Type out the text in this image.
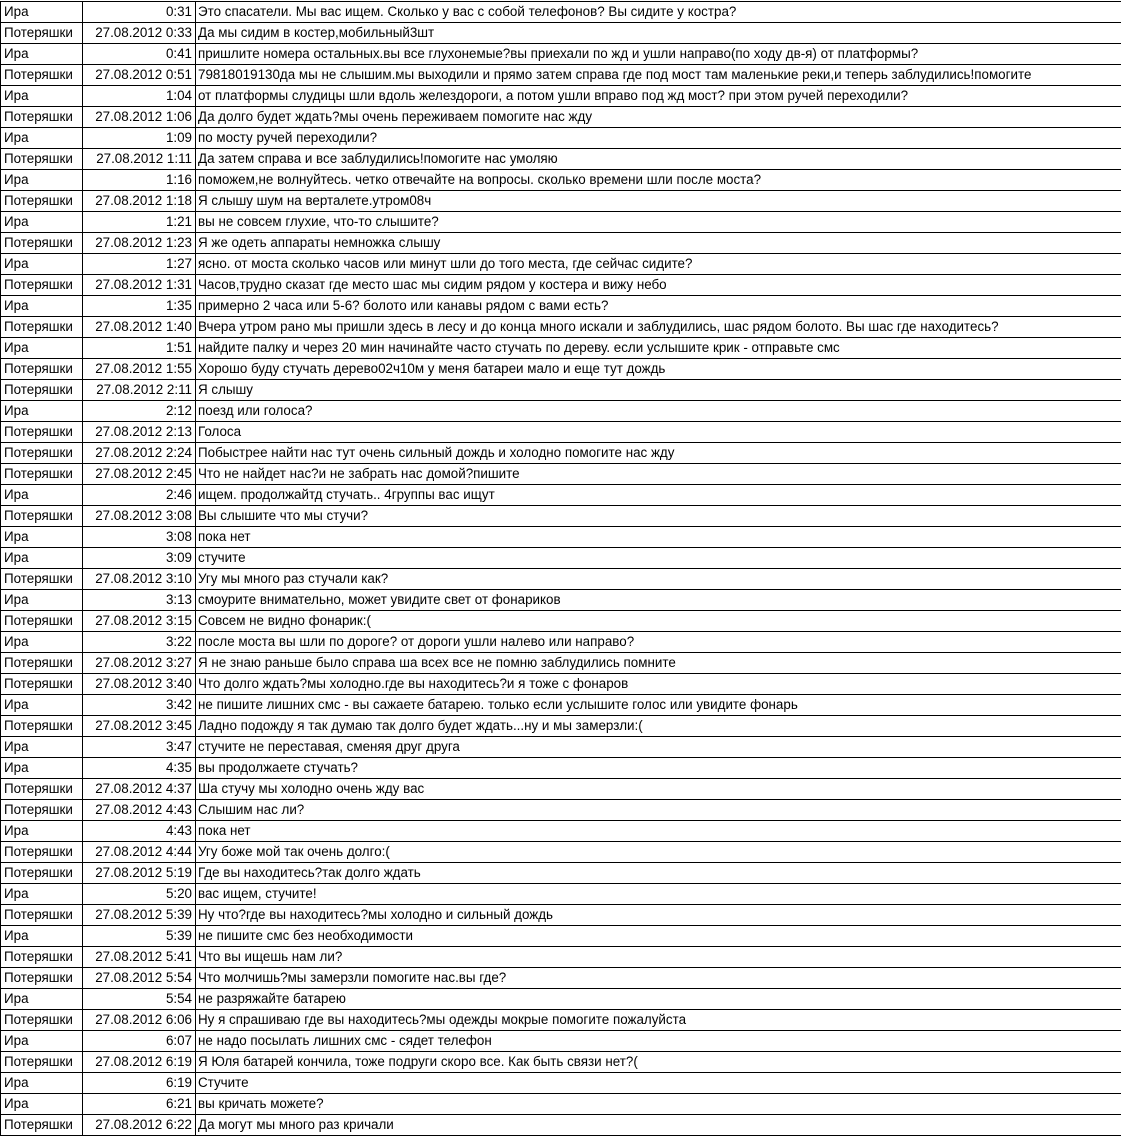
Ира	0:31	Это спасатели. Мы вас ищем. Сколько у вас с собой телефонов? Вы сидите у костра?
Потеряшки	27.08.2012 0:33	Да мы сидим в костер,мобильный3шт
Ира	0:41	пришлите номера остальных.вы все глухонемые?вы приехали по жд и ушли направо(по ходу дв-я) от платформы?
Потеряшки	27.08.2012 0:51	79818019130да мы не слышим.мы выходили и прямо затем справа где под мост там маленькие реки,и теперь заблудились!помогите
Ира	1:04	от платформы слудицы шли вдоль желездороги, а потом ушли вправо под жд мост? при этом ручей переходили?
Потеряшки	27.08.2012 1:06	Да долго будет ждать?мы очень переживаем помогите нас жду
Ира	1:09	по мосту ручей переходили?
Потеряшки	27.08.2012 1:11	Да затем справа и все заблудились!помогите нас умоляю
Ира	1:16	поможем,не волнуйтесь. четко отвечайте на вопросы. сколько времени шли после моста?
Потеряшки	27.08.2012 1:18	Я слышу шум на верталете.утром08ч
Ира	1:21	вы не совсем глухие, что-то слышите?
Потеряшки	27.08.2012 1:23	Я же одеть аппараты немножка слышу
Ира	1:27	ясно. от моста сколько часов или минут шли до того места, где сейчас сидите?
Потеряшки	27.08.2012 1:31	Часов,трудно сказат где место шас мы сидим рядом у костера и вижу небо
Ира	1:35	примерно 2 часа или 5-6? болото или канавы рядом с вами есть?
Потеряшки	27.08.2012 1:40	Вчера утром рано мы пришли здесь в лесу и до конца много искали и заблудились, шас рядом болото. Вы шас где находитесь?
Ира	1:51	найдите палку и через 20 мин начинайте часто стучать по дереву. если услышите крик - отправьте смс
Потеряшки	27.08.2012 1:55	Хорошо буду стучать дерево02ч10м у меня батареи мало и еще тут дождь
Потеряшки	27.08.2012 2:11	Я слышу
Ира	2:12	поезд или голоса?
Потеряшки	27.08.2012 2:13	Голоса
Потеряшки	27.08.2012 2:24	Побыстрее найти нас тут очень сильный дождь и холодно помогите нас жду
Потеряшки	27.08.2012 2:45	Что не найдет нас?и не забрать нас домой?пишите
Ира	2:46	ищем. продолжайтд стучать.. 4группы вас ищут
Потеряшки	27.08.2012 3:08	Вы слышите что мы стучи?
Ира	3:08	пока нет
Ира	3:09	стучите
Потеряшки	27.08.2012 3:10	Угу мы много раз стучали как?
Ира	3:13	смоурите внимательно, может увидите свет от фонариков
Потеряшки	27.08.2012 3:15	Совсем не видно фонарик:(
Ира	3:22	после моста вы шли по дороге? от дороги ушли налево или направо?
Потеряшки	27.08.2012 3:27	Я не знаю раньше было справа ша всех все не помню заблудились помните
Потеряшки	27.08.2012 3:40	Что долго ждать?мы холодно.где вы находитесь?и я тоже с фонаров
Ира	3:42	не пишите лишних смс - вы сажаете батарею. только если услышите голос или увидите фонарь
Потеряшки	27.08.2012 3:45	Ладно подожду я так думаю так долго будет ждать...ну и мы замерзли:(
Ира	3:47	стучите не переставая, сменяя друг друга
Ира	4:35	вы продолжаете стучать?
Потеряшки	27.08.2012 4:37	Ша стучу мы холодно очень жду вас
Потеряшки	27.08.2012 4:43	Слышим нас ли?
Ира	4:43	пока нет
Потеряшки	27.08.2012 4:44	Угу боже мой так очень долго:(
Потеряшки	27.08.2012 5:19	Где вы находитесь?так долго ждать
Ира	5:20	вас ищем, стучите!
Потеряшки	27.08.2012 5:39	Ну что?где вы находитесь?мы холодно и сильный дождь
Ира	5:39	не пишите смс без необходимости
Потеряшки	27.08.2012 5:41	Что вы ищешь нам ли?
Потеряшки	27.08.2012 5:54	Что молчишь?мы замерзли помогите нас.вы где?
Ира	5:54	не разряжайте батарею
Потеряшки	27.08.2012 6:06	Ну я спрашиваю где вы находитесь?мы одежды мокрые помогите пожалуйста
Ира	6:07	не надо посылать лишних смс - сядет телефон
Потеряшки	27.08.2012 6:19	Я Юля батарей кончила, тоже подруги скоро все. Как быть связи нет?(
Ира	6:19	Стучите
Ира	6:21	вы кричать можете?
Потеряшки	27.08.2012 6:22	Да могут мы много раз кричали
